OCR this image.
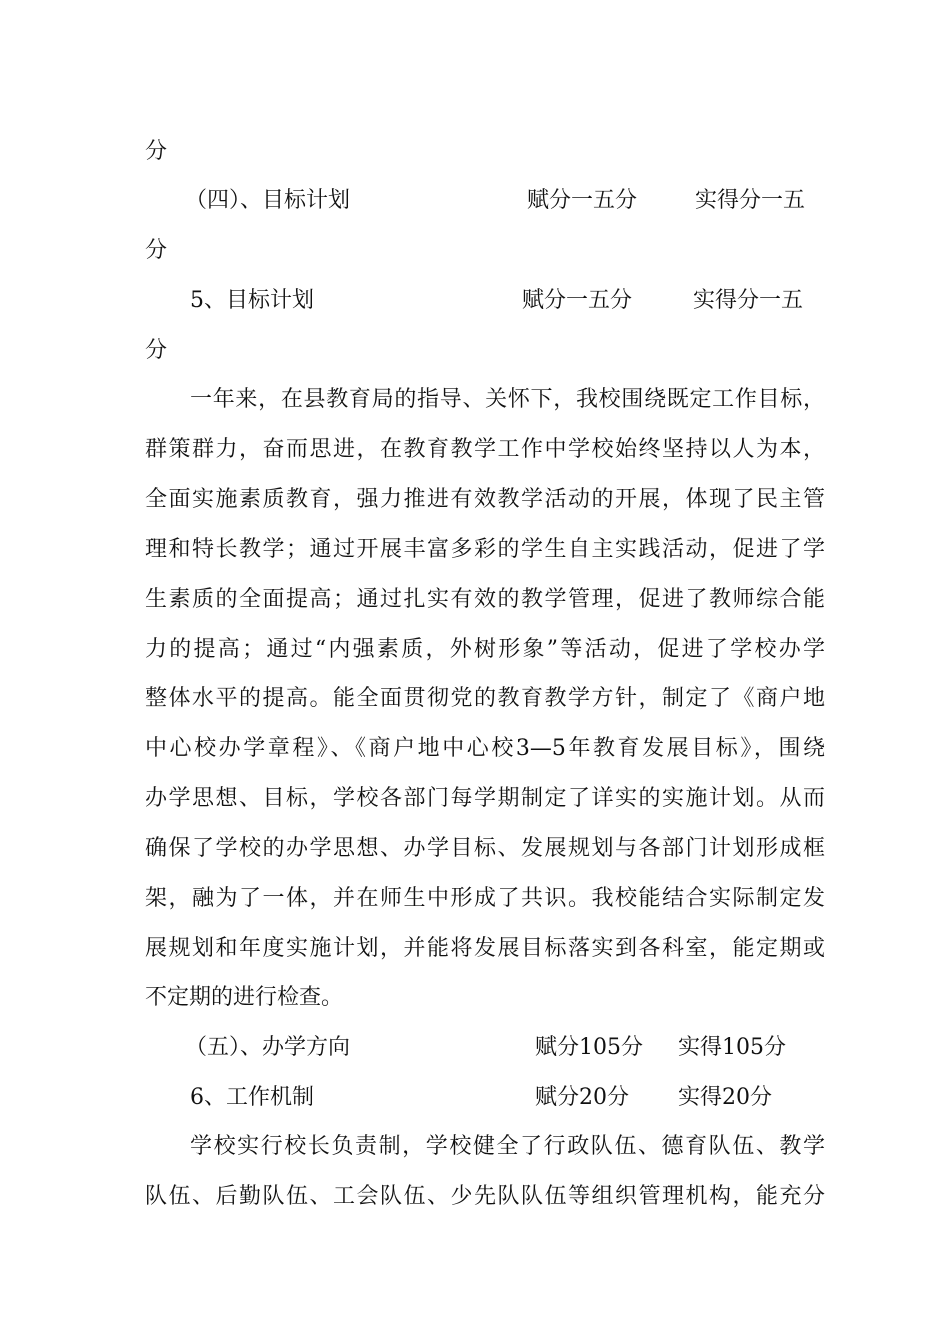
分
（四）、目标计划	赋分一五分	实得分一五
分
5、目标计划	赋分一五分	实得分一五
分
一年来，在县教育局的指导、关怀下，我校围绕既定工作目标，
群策群力，奋而思进，在教育教学工作中学校始终坚持以人为本，
全面实施素质教育，强力推进有效教学活动的开展，体现了民主管
理和特长教学；通过开展丰富多彩的学生自主实践活动，促进了学
生素质的全面提高；通过扎实有效的教学管理，促进了教师综合能
力的提高；通过“内强素质，外树形象”等活动，促进了学校办学
整体水平的提高。能全面贯彻党的教育教学方针，制定了《商户地
中心校办学章程》、《商户地中心校3—5年教育发展目标》，围绕
办学思想、目标，学校各部门每学期制定了详实的实施计划。从而
确保了学校的办学思想、办学目标、发展规划与各部门计划形成框
架，融为了一体，并在师生中形成了共识。我校能结合实际制定发
展规划和年度实施计划，并能将发展目标落实到各科室，能定期或
不定期的进行检查。
（五）、办学方向	赋分105分 实得105分
6、工作机制	赋分20分 实得20分
学校实行校长负责制，学校健全了行政队伍、德育队伍、教学
队伍、后勤队伍、工会队伍、少先队队伍等组织管理机构，能充分
